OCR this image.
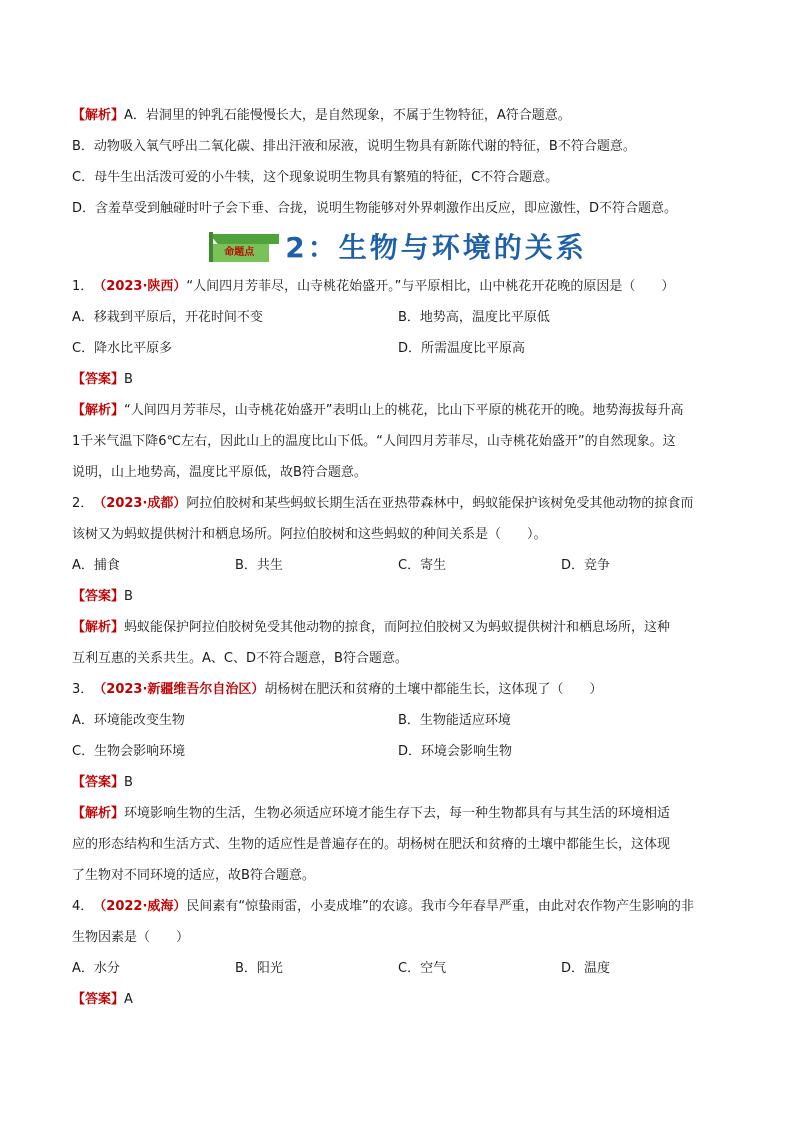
【解析】 A．岩洞里的钟乳石能慢慢长大，是自然现象，不属于生物特征，A符合题意。
B．动物吸入氧气呼出二氧化碳、排出汗液和尿液，说明生物具有新陈代谢的特征，B不符合题意。
C．母牛生出活泼可爱的小牛犊，这个现象说明生物具有繁殖的特征，C不符合题意。
D．含羞草受到触碰时叶子会下垂、合拢，说明生物能够对外界刺激作出反应，即应激性，D不符合题意。
命题点	2：生物与环境的关系
1． （2023·陕西） “人间四月芳菲尽，山寺桃花始盛开。”与平原相比，山中桃花开花晚的原因是（　　）
A．移栽到平原后，开花时间不变	B．地势高，温度比平原低
C．降水比平原多	D．所需温度比平原高
【答案】 B
【解析】 “人间四月芳菲尽，山寺桃花始盛开”表明山上的桃花，比山下平原的桃花开的晚。地势海拔每升高
1千米气温下降6℃左右，因此山上的温度比山下低。“人间四月芳菲尽，山寺桃花始盛开”的自然现象。这
说明，山上地势高，温度比平原低，故B符合题意。
2． （2023·成都） 阿拉伯胶树和某些蚂蚁长期生活在亚热带森林中，蚂蚁能保护该树免受其他动物的掠食而
该树又为蚂蚁提供树汁和栖息场所。阿拉伯胶树和这些蚂蚁的种间关系是（　　）。
A．捕食	B．共生	C．寄生	D．竞争
【答案】 B
【解析】 蚂蚁能保护阿拉伯胶树免受其他动物的掠食，而阿拉伯胶树又为蚂蚁提供树汁和栖息场所，这种
互利互惠的关系共生。A、C、D不符合题意，B符合题意。
3． （2023·新疆维吾尔自治区） 胡杨树在肥沃和贫瘠的土壤中都能生长，这体现了（　　）
A．环境能改变生物	B．生物能适应环境
C．生物会影响环境	D．环境会影响生物
【答案】 B
【解析】 环境影响生物的生活，生物必须适应环境才能生存下去，每一种生物都具有与其生活的环境相适
应的形态结构和生活方式、生物的适应性是普遍存在的。胡杨树在肥沃和贫瘠的土壤中都能生长，这体现
了生物对不同环境的适应，故B符合题意。
4． （2022·威海） 民间素有“惊蛰雨雷，小麦成堆”的农谚。我市今年春旱严重，由此对农作物产生影响的非
生物因素是（　　）
A．水分	B．阳光	C．空气	D．温度
【答案】 A
